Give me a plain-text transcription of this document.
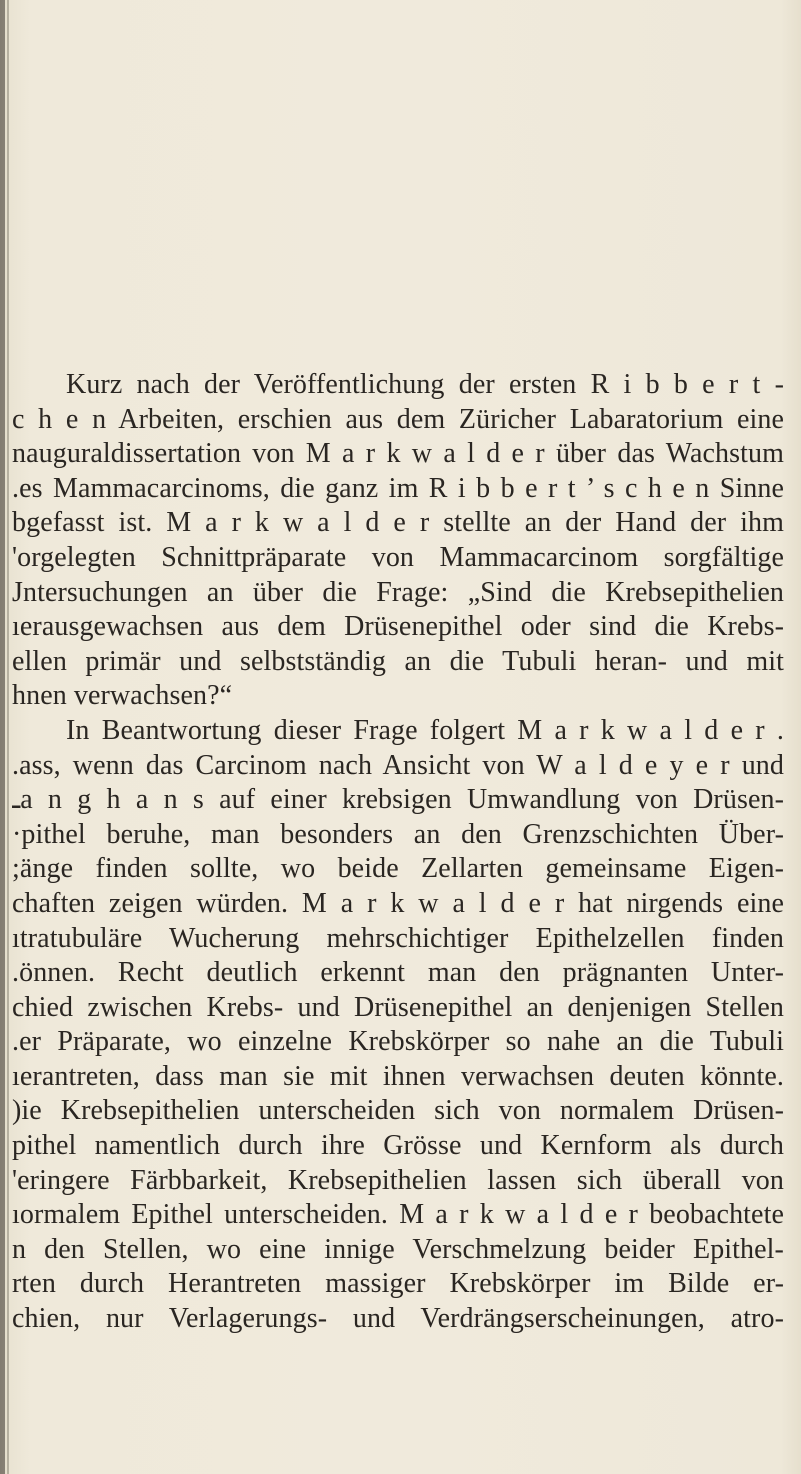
Kurz nach der Veröffentlichung der ersten R i b b e r t -
c h e n Arbeiten, erschien aus dem Züricher Labaratorium eine
naugurald‌issertation von M a r k w a l d e r über das Wachstum
.es Mammacarcinoms, die ganz im R i b b e r t ’ s c h e n Sinne
bgefasst ist. M a r k w a l d e r stellte an der Hand der ihm
'orgelegten Schnittpräparate von Mammacarcinom sorgfältige
Jntersuchungen an über die Frage: „Sind die Krebsepithelien
ıerausgewachsen aus dem Drüsenepithel oder sind die Krebs-
ellen primär und selbstständig an die Tubuli heran- und mit
hnen verwachsen?“
In Beantwortung dieser Frage folgert M a r k w a l d e r .
.ass, wenn das Carcinom nach Ansicht von W a l d e y e r und
ـa n g h a n s auf einer krebsigen Umwandlung von Drüsen-
·pithel beruhe, man besonders an den Grenzschichten Über-
;änge finden sollte, wo beide Zellarten gemeinsame Eigen-
chaften zeigen würden. M a r k w a l d e r hat nirgends eine
ıtratubuläre Wucherung mehrschichtiger Epithelzellen finden
.önnen. Recht deutlich erkennt man den prägnanten Unter-
chied zwischen Krebs- und Drüsenepithel an denjenigen Stellen
.er Präparate, wo einzelne Krebskörper so nahe an die Tubuli
ıerantreten, dass man sie mit ihnen verwachsen deuten könnte.
)ie Krebsepithelien unterscheiden sich von normalem Drüsen-
pithel namentlich durch ihre Grösse und Kernform als durch
'eringere Färbbarkeit, Krebsepithelien lassen sich überall von
ıormalem Epithel unterscheiden. M a r k w a l d e r beobachtete
n den Stellen, wo eine innige Verschmelzung beider Epithel-
rten durch Herantreten massiger Krebskörper im Bilde er-
chien, nur Verlagerungs- und Verdrängserscheinungen, atro-
